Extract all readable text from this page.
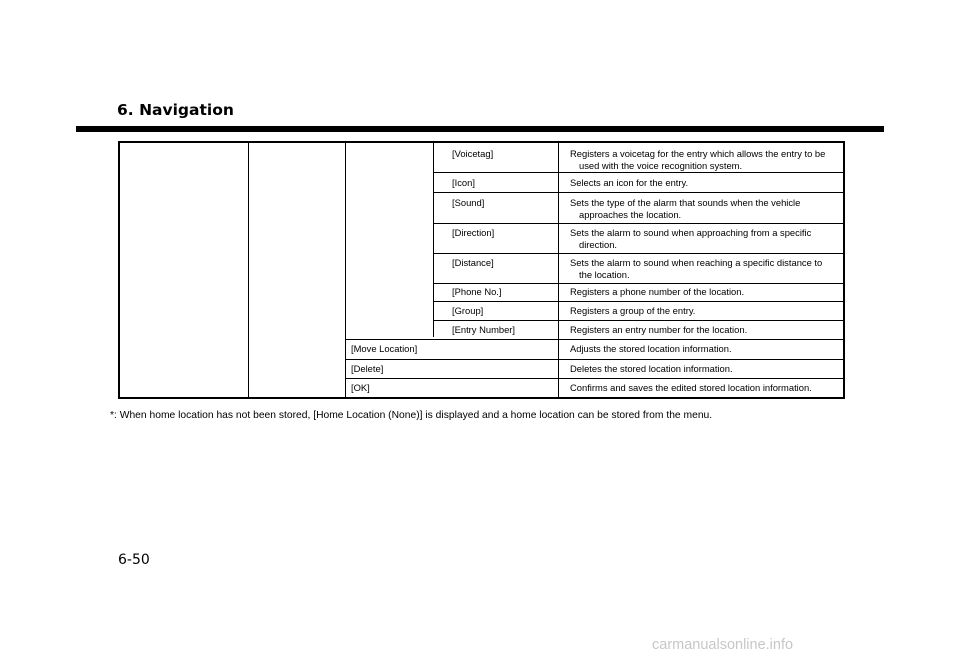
6. Navigation
[Voicetag]	Registers a voicetag for the entry which allows the entry to be
used with the voice recognition system.
[Icon]	Selects an icon for the entry.
[Sound]	Sets the type of the alarm that sounds when the vehicle
approaches the location.
[Direction]	Sets the alarm to sound when approaching from a specific
direction.
[Distance]	Sets the alarm to sound when reaching a specific distance to
the location.
[Phone No.]	Registers a phone number of the location.
[Group]	Registers a group of the entry.
[Entry Number]	Registers an entry number for the location.
[Move Location]	Adjusts the stored location information.
[Delete]	Deletes the stored location information.
[OK]	Confirms and saves the edited stored location information.

*: When home location has not been stored, [Home Location (None)] is displayed and a home location can be stored from the menu.

6-50

carmanualsonline.info
